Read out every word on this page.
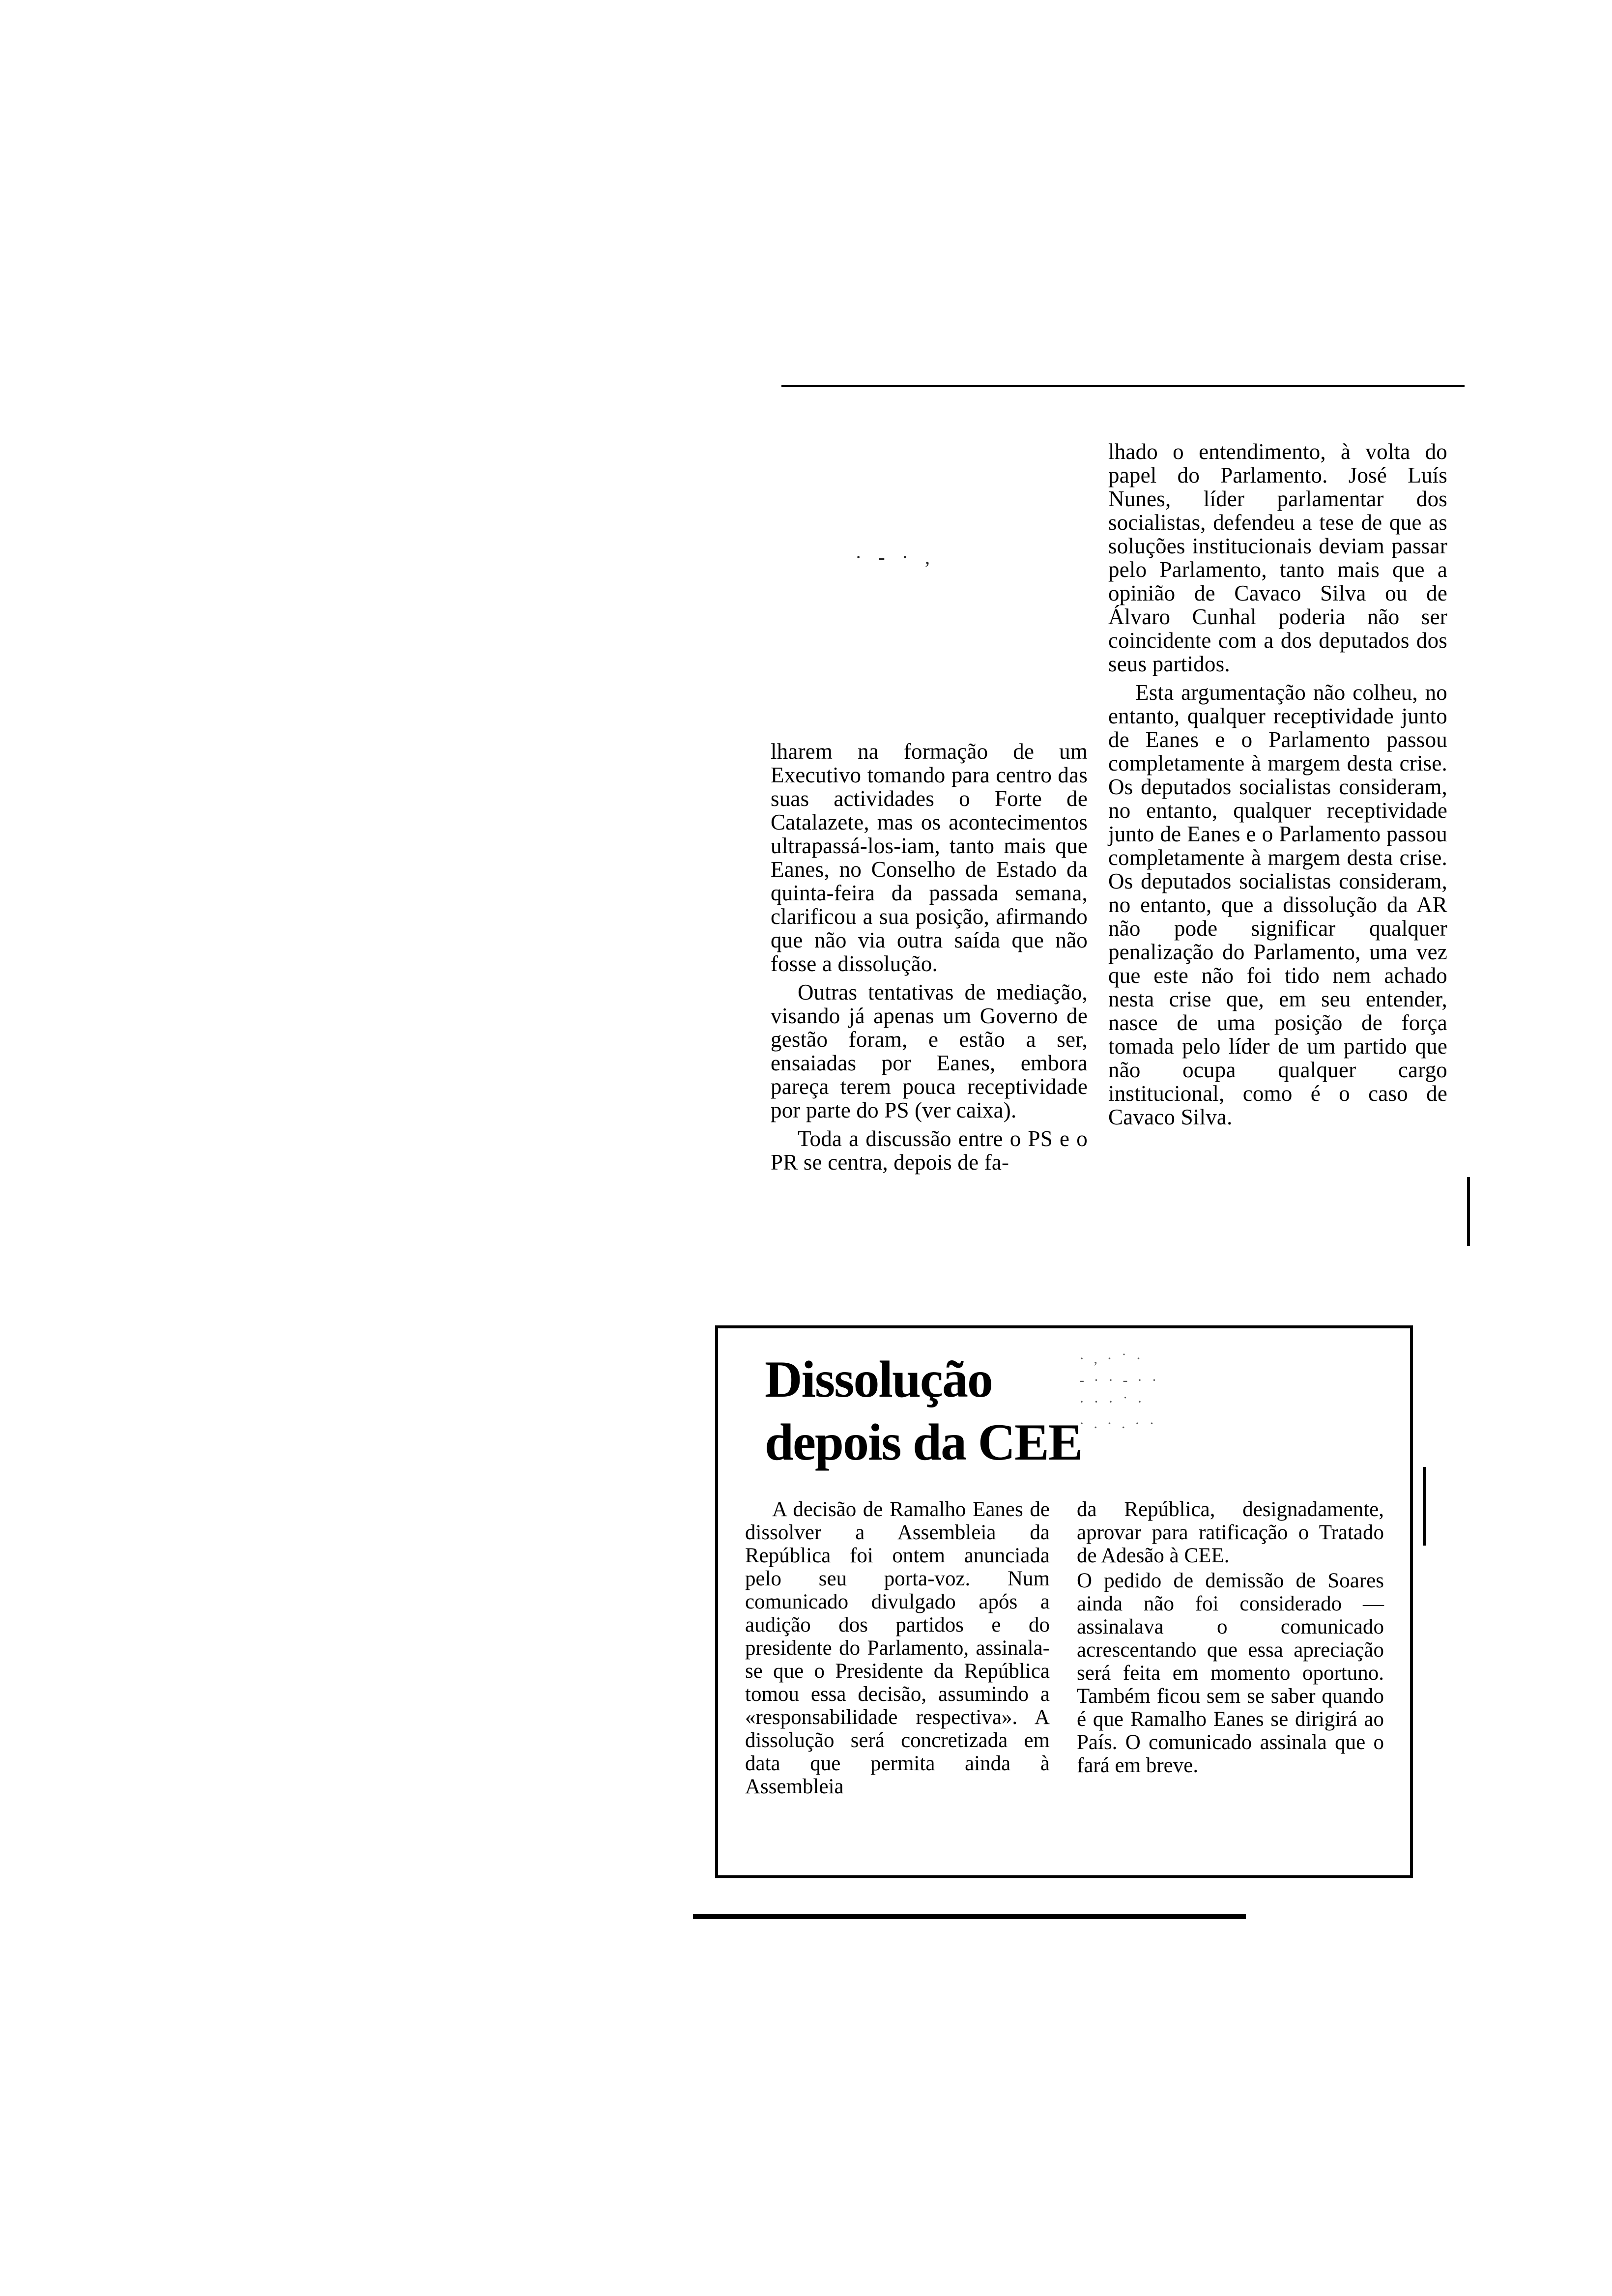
· ‑ · ,

lhado o entendimento, à volta do papel do Parlamento. José Luís Nunes, líder parlamentar dos socialistas, defendeu a tese de que as soluções institucionais deviam passar pelo Parlamento, tanto mais que a opinião de Cavaco Silva ou de Álvaro Cunhal poderia não ser coincidente com a dos deputados dos seus partidos.

Esta argumentação não colheu, no entanto, qualquer receptividade junto de Eanes e o Parlamento passou completamente à margem desta crise. Os deputados socialistas consideram, no entanto, qualquer receptividade junto de Eanes e o Parlamento passou completamente à margem desta crise. Os deputados socialistas consideram, no entanto, que a dissolução da AR não pode significar qualquer penalização do Parlamento, uma vez que este não foi tido nem achado nesta crise que, em seu entender, nasce de uma posição de força tomada pelo líder de um partido que não ocupa qualquer cargo institucional, como é o caso de Cavaco Silva.

lharem na formação de um Executivo tomando para centro das suas actividades o Forte de Catalazete, mas os acontecimentos ultrapassá-los-iam, tanto mais que Eanes, no Conselho de Estado da quinta-feira da passada semana, clarificou a sua posição, afirmando que não via outra saída que não fosse a dissolução.

Outras tentativas de mediação, visando já apenas um Governo de gestão foram, e estão a ser, ensaiadas por Eanes, embora pareça terem pouca receptividade por parte do PS (ver caixa).

Toda a discussão entre o PS e o PR se centra, depois de fa-

Dissolução
depois da CEE
· , · ˙ ·
‐ · · ‑ · ·
· · · ˙ ·
· . · . · ·

A decisão de Ramalho Eanes de dissolver a Assembleia da República foi ontem anunciada pelo seu porta-voz. Num comunicado divulgado após a audição dos partidos e do presidente do Parlamento, assinala-se que o Presidente da República tomou essa decisão, assumindo a «responsabilidade respectiva». A dissolução será concretizada em data que permita ainda à Assembleia

da República, designadamente, aprovar para ratificação o Tratado de Adesão à CEE.

O pedido de demissão de Soares ainda não foi considerado — assinalava o comunicado acrescentando que essa apreciação será feita em momento oportuno. Também ficou sem se saber quando é que Ramalho Eanes se dirigirá ao País. O comunicado assinala que o fará em breve.
